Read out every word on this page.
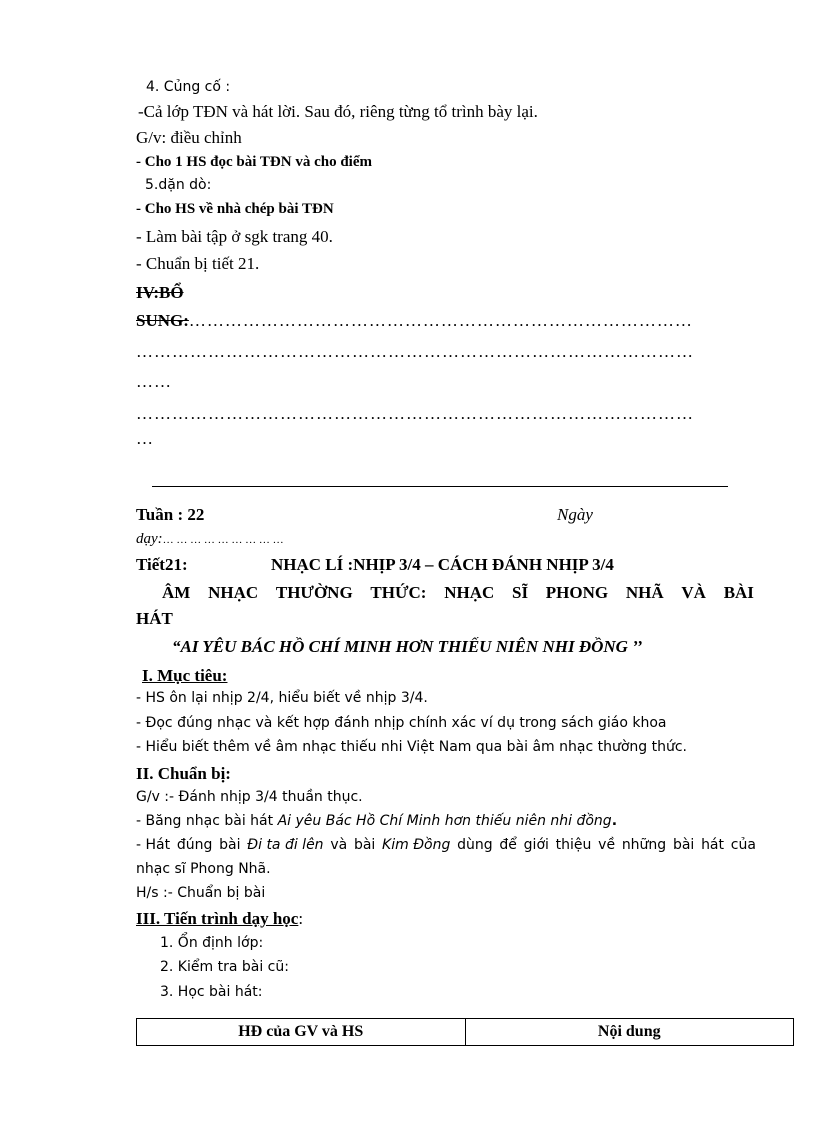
4. Củng cố :
-Cả lớp TĐN và hát lời. Sau đó, riêng từng tổ trình bày lại.
G/v: điều chỉnh
- Cho 1 HS đọc bài TĐN và cho điểm
5.dặn dò:
- Cho HS về nhà chép bài TĐN
- Làm bài tập ở sgk trang 40.
- Chuẩn bị tiết 21.
IV:BỔ
SUNG:…………………………………………………………………………
…………………………………………………………………………………
……
…………………………………………………………………………………
…
Tuần : 22	Ngày
dạy:… … … … … … … … …
Tiết21:	NHẠC LÍ :NHỊP 3/4 – CÁCH ĐÁNH NHỊP 3/4
ÂM NHẠC THƯỜNG THỨC: NHẠC SĨ PHONG NHÃ VÀ BÀI
HÁT
“AI YÊU BÁC HỒ CHÍ MINH HƠN THIẾU NIÊN NHI ĐỒNG ’’
I. Mục tiêu:
- HS ôn lại nhịp 2/4, hiểu biết về nhịp 3/4.
- Đọc đúng nhạc và kết hợp đánh nhịp chính xác ví dụ trong sách giáo khoa
- Hiểu biết thêm về âm nhạc thiếu nhi Việt Nam qua bài âm nhạc thường thức.
II. Chuẩn bị:
G/v :- Đánh nhịp 3/4 thuần thục.
- Băng nhạc bài hát Ai yêu Bác Hồ Chí Minh hơn thiếu niên nhi đồng.
- Hát đúng bài Đi ta đi lên và bài Kim Đồng dùng để giới thiệu về những bài hát của
nhạc sĩ Phong Nhã.
H/s :- Chuẩn bị bài
III. Tiến trình dạy học:
1. Ổn định lớp:
2. Kiểm tra bài cũ:
3. Học bài hát:
HĐ của GV và HS	Nội dung
